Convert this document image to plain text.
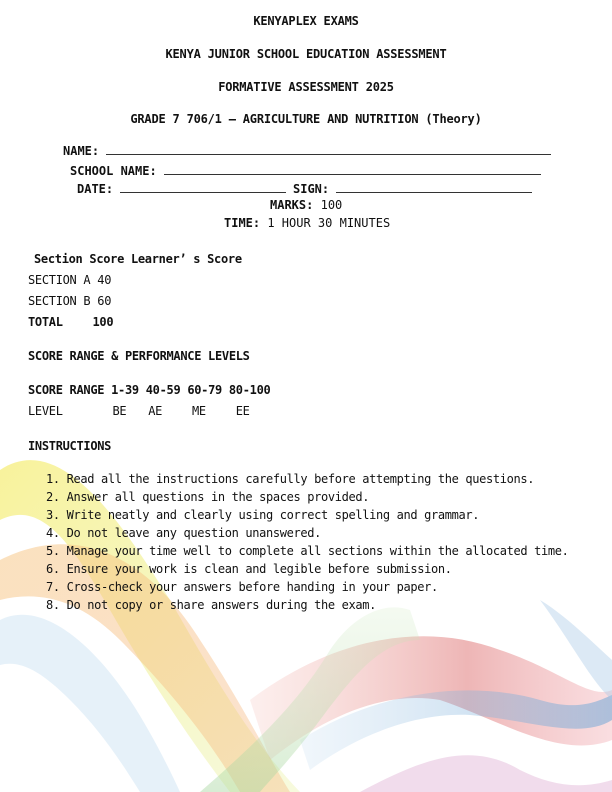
KENYAPLEX EXAMS
KENYA JUNIOR SCHOOL EDUCATION ASSESSMENT
FORMATIVE ASSESSMENT 2025
GRADE 7 706/1 – AGRICULTURE AND NUTRITION (Theory)
NAME:
SCHOOL NAME:
DATE:	SIGN:
MARKS: 100
TIME: 1 HOUR 30 MINUTES
Section Score Learner’ s Score
SECTION A 40
SECTION B 60
TOTAL 100
SCORE RANGE & PERFORMANCE LEVELS
SCORE RANGE 1-39 40-59 60-79 80-100
LEVEL	BE AE ME EE
INSTRUCTIONS
1. Read all the instructions carefully before attempting the questions.
2. Answer all questions in the spaces provided.
3. Write neatly and clearly using correct spelling and grammar.
4. Do not leave any question unanswered.
5. Manage your time well to complete all sections within the allocated time.
6. Ensure your work is clean and legible before submission.
7. Cross-check your answers before handing in your paper.
8. Do not copy or share answers during the exam.
